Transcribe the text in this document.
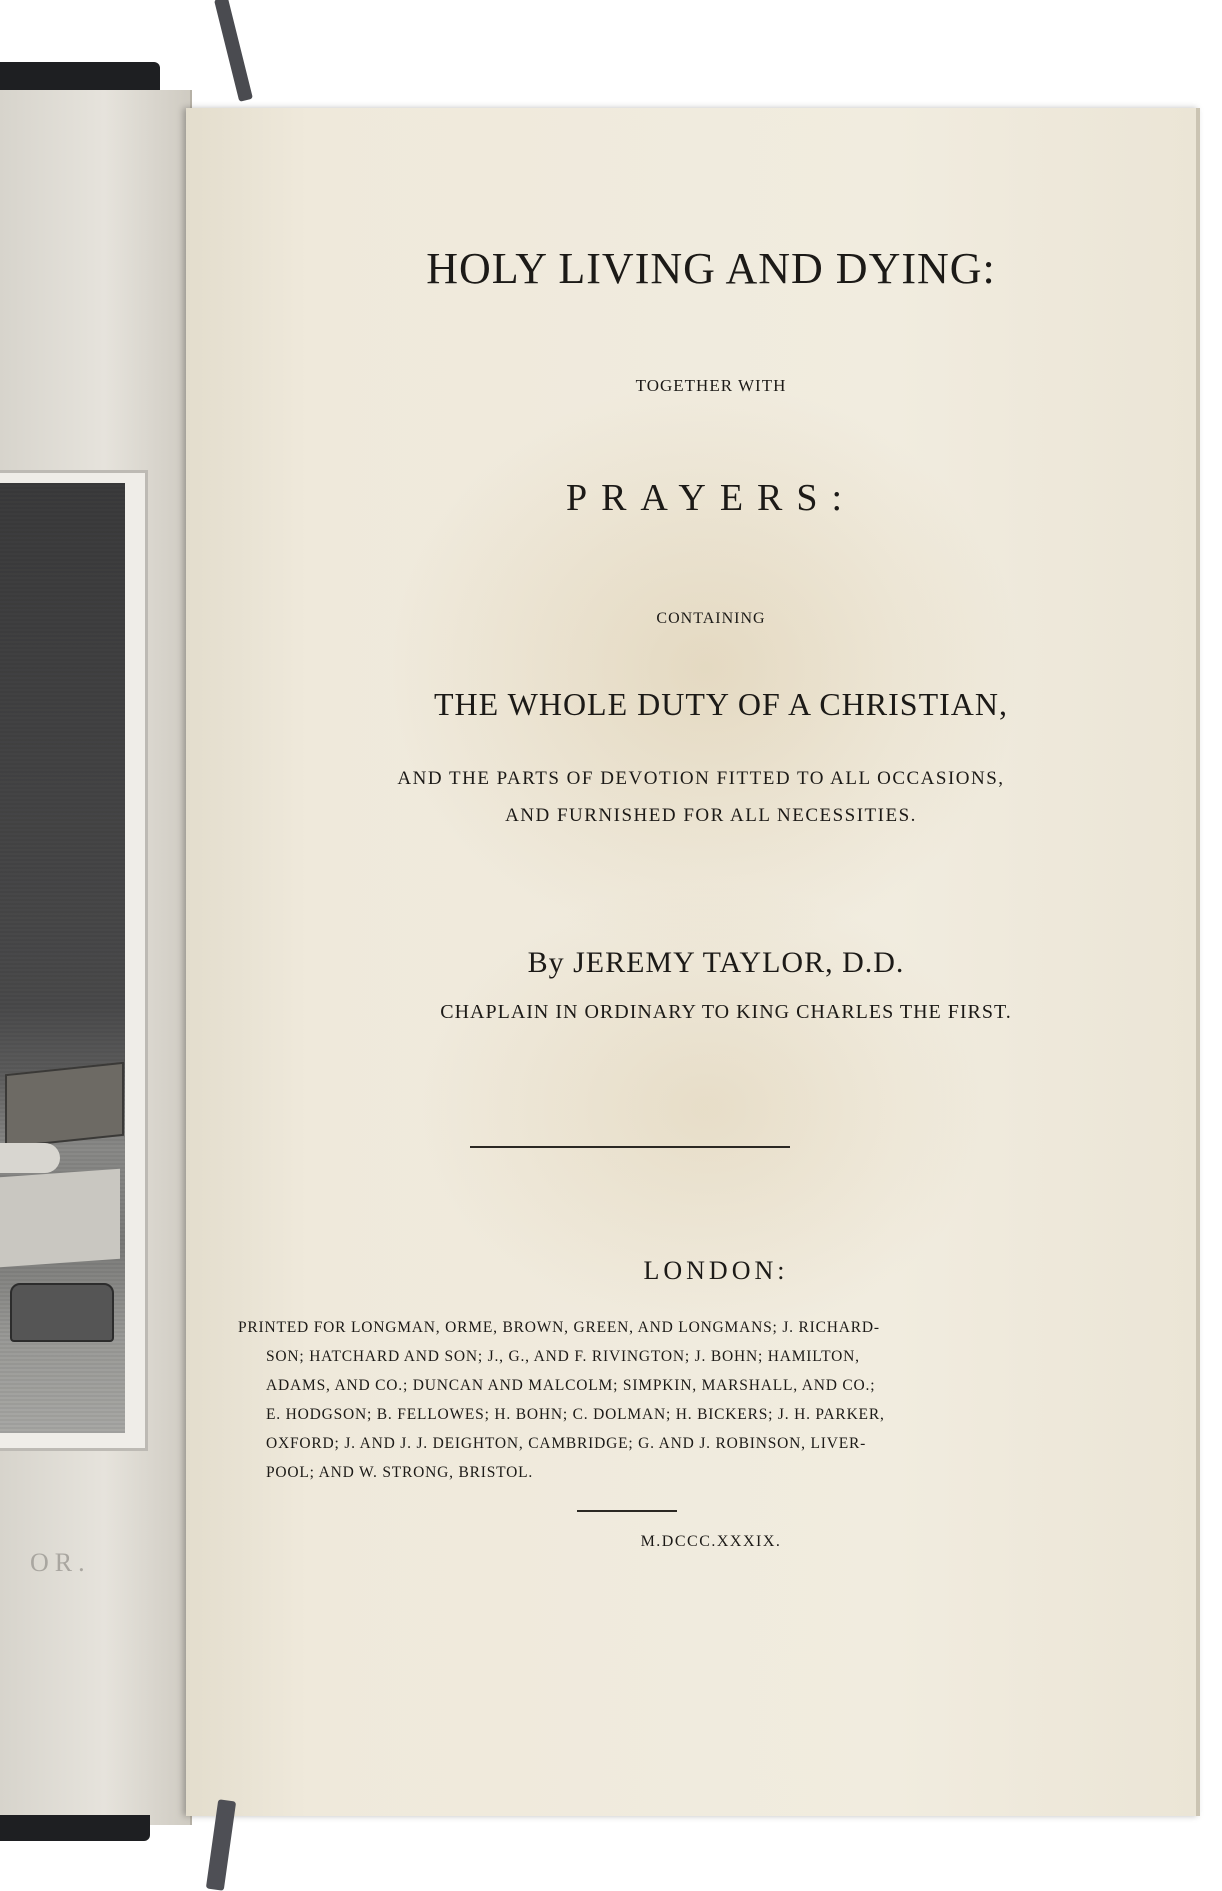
OR.
HOLY LIVING AND DYING:
TOGETHER WITH
PRAYERS:
CONTAINING
THE WHOLE DUTY OF A CHRISTIAN,
AND THE PARTS OF DEVOTION FITTED TO ALL OCCASIONS,
AND FURNISHED FOR ALL NECESSITIES.
By JEREMY TAYLOR, D.D.
CHAPLAIN IN ORDINARY TO KING CHARLES THE FIRST.
LONDON:
PRINTED FOR LONGMAN, ORME, BROWN, GREEN, AND LONGMANS; J. RICHARD-
SON; HATCHARD AND SON; J., G., AND F. RIVINGTON; J. BOHN; HAMILTON,
ADAMS, AND CO.; DUNCAN AND MALCOLM; SIMPKIN, MARSHALL, AND CO.;
E. HODGSON; B. FELLOWES; H. BOHN; C. DOLMAN; H. BICKERS; J. H. PARKER,
OXFORD; J. AND J. J. DEIGHTON, CAMBRIDGE; G. AND J. ROBINSON, LIVER-
POOL; AND W. STRONG, BRISTOL.
M.DCCC.XXXIX.
